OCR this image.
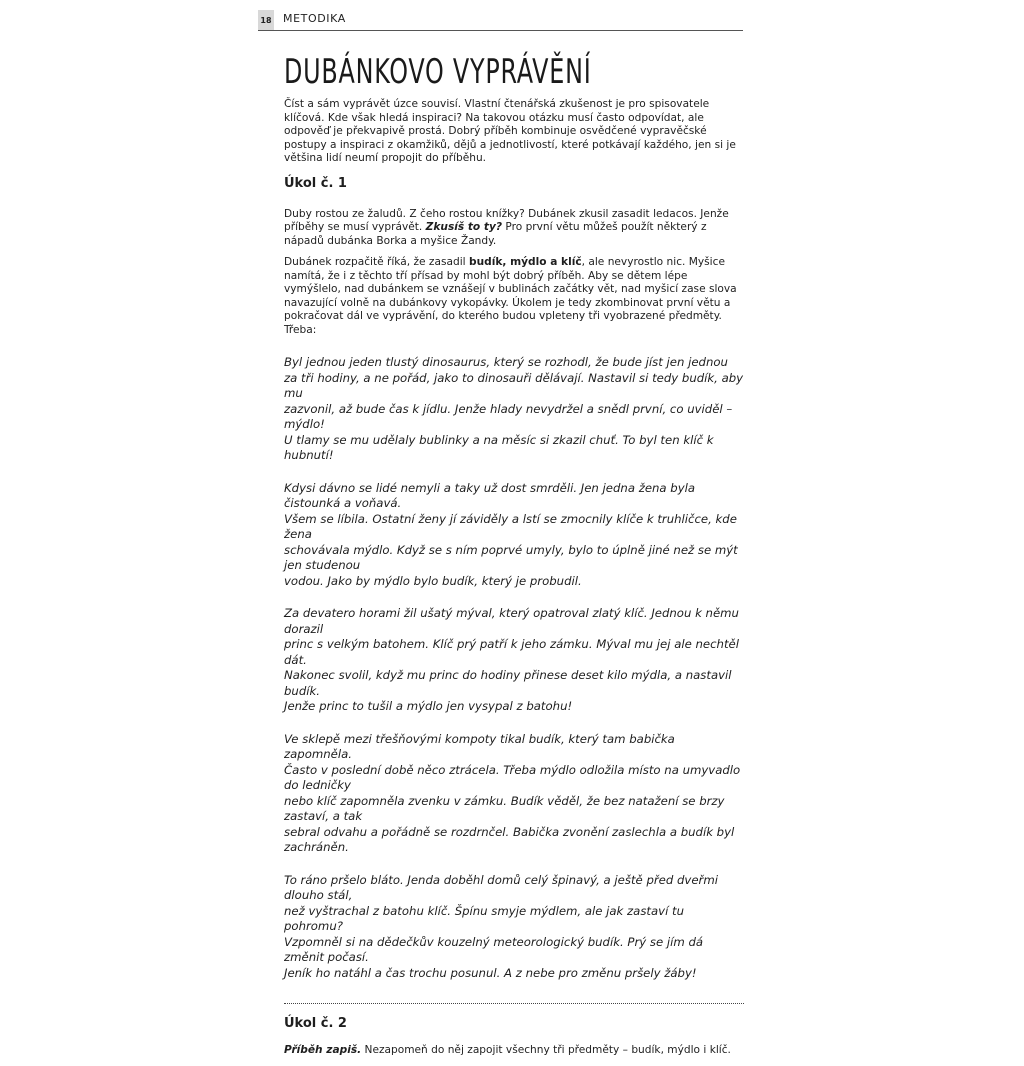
18 METODIKA
DUBÁNKOVO VYPRÁVĚNÍ

Číst a sám vyprávět úzce souvisí. Vlastní čtenářská zkušenost je pro spisovatele klíčová. Kde však hledá inspiraci? Na takovou otázku musí často odpovídat, ale odpověď je překvapivě prostá. Dobrý příběh kombinuje osvědčené vypravěčské postupy a inspiraci z okamžiků, dějů a jednotlivostí, které potkávají každého, jen si je většina lidí neumí propojit do příběhu.

Úkol č. 1

Duby rostou ze žaludů. Z čeho rostou knížky? Dubánek zkusil zasadit ledacos. Jenže příběhy se musí vyprávět. Zkusíš to ty? Pro první větu můžeš použít některý z nápadů dubánka Borka a myšice Žandy.

Dubánek rozpačitě říká, že zasadil budík, mýdlo a klíč, ale nevyrostlo nic. Myšice namítá, že i z těchto tří přísad by mohl být dobrý příběh. Aby se dětem lépe vymýšlelo, nad dubánkem se vznášejí v bublinách začátky vět, nad myšicí zase slova navazující volně na dubánkovy vykopávky. Úkolem je tedy zkombinovat první větu a pokračovat dál ve vyprávění, do kterého budou vpleteny tři vyobrazené předměty. Třeba:

Byl jednou jeden tlustý dinosaurus, který se rozhodl, že bude jíst jen jednou
za tři hodiny, a ne pořád, jako to dinosauři dělávají. Nastavil si tedy budík, aby mu
zazvonil, až bude čas k jídlu. Jenže hlady nevydržel a snědl první, co uviděl – mýdlo!
U tlamy se mu udělaly bublinky a na měsíc si zkazil chuť. To byl ten klíč k hubnutí!

Kdysi dávno se lidé nemyli a taky už dost smrděli. Jen jedna žena byla čistounká a voňavá.
Všem se líbila. Ostatní ženy jí záviděly a lstí se zmocnily klíče k truhličce, kde žena
schovávala mýdlo. Když se s ním poprvé umyly, bylo to úplně jiné než se mýt jen studenou
vodou. Jako by mýdlo bylo budík, který je probudil.

Za devatero horami žil ušatý mýval, který opatroval zlatý klíč. Jednou k němu dorazil
princ s velkým batohem. Klíč prý patří k jeho zámku. Mýval mu jej ale nechtěl dát.
Nakonec svolil, když mu princ do hodiny přinese deset kilo mýdla, a nastavil budík.
Jenže princ to tušil a mýdlo jen vysypal z batohu!

Ve sklepě mezi třešňovými kompoty tikal budík, který tam babička zapomněla.
Často v poslední době něco ztrácela. Třeba mýdlo odložila místo na umyvadlo do ledničky
nebo klíč zapomněla zvenku v zámku. Budík věděl, že bez natažení se brzy zastaví, a tak
sebral odvahu a pořádně se rozdrnčel. Babička zvonění zaslechla a budík byl zachráněn.

To ráno pršelo bláto. Jenda doběhl domů celý špinavý, a ještě před dveřmi dlouho stál,
než vyštrachal z batohu klíč. Špínu smyje mýdlem, ale jak zastaví tu pohromu?
Vzpomněl si na dědečkův kouzelný meteorologický budík. Prý se jím dá změnit počasí.
Jeník ho natáhl a čas trochu posunul. A z nebe pro změnu pršely žáby!

Úkol č. 2

Příběh zapiš. Nezapomeň do něj zapojit všechny tři předměty – budík, mýdlo i klíč.
